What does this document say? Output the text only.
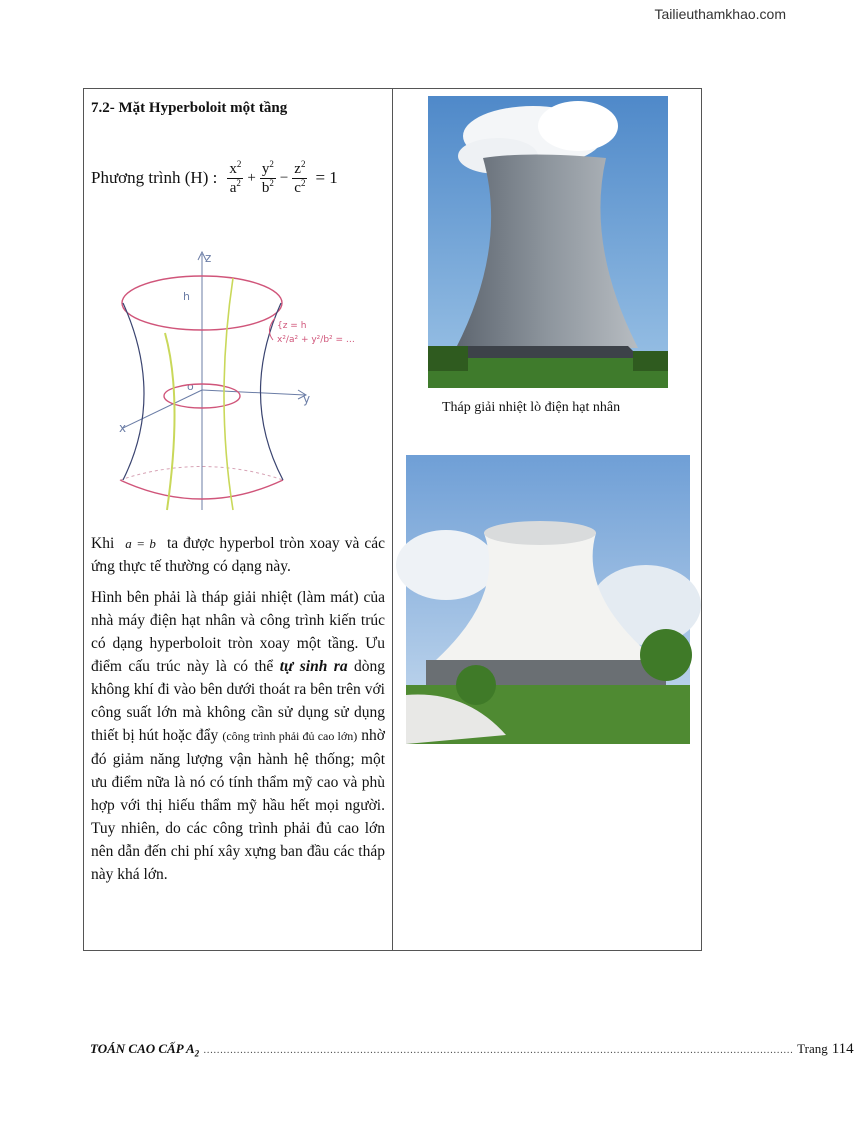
Tailieuthamkhao.com
7.2- Mặt Hyperboloit một tầng
Phương trình (H) : $\frac{x^2}{a^2} + \frac{y^2}{b^2} - \frac{z^2}{c^2} = 1$
z
y
x
o
h
{z = h
x²/a² + y²/b² = …
Khi a = b ta được hyperbol tròn xoay và các ứng thực tế thường có dạng này.
Hình bên phải là tháp giải nhiệt (làm mát) của nhà máy điện hạt nhân và công trình kiến trúc có dạng hyperboloit tròn xoay một tầng. Ưu điểm cấu trúc này là có thể tự sinh ra dòng không khí đi vào bên dưới thoát ra bên trên với công suất lớn mà không cần sử dụng sử dụng thiết bị hút hoặc đẩy (công trình phải đủ cao lớn) nhờ đó giảm năng lượng vận hành hệ thống; một ưu điểm nữa là nó có tính thẩm mỹ cao và phù hợp với thị hiếu thẩm mỹ hầu hết mọi người. Tuy nhiên, do các công trình phải đủ cao lớn nên dẫn đến chi phí xây xựng ban đầu các tháp này khá lớn.
Tháp giải nhiệt lò điện hạt nhân
TOÁN CAO CẤP $A_2$ …………………………………………………………………………………………………………………………………………………………… Trang 114
